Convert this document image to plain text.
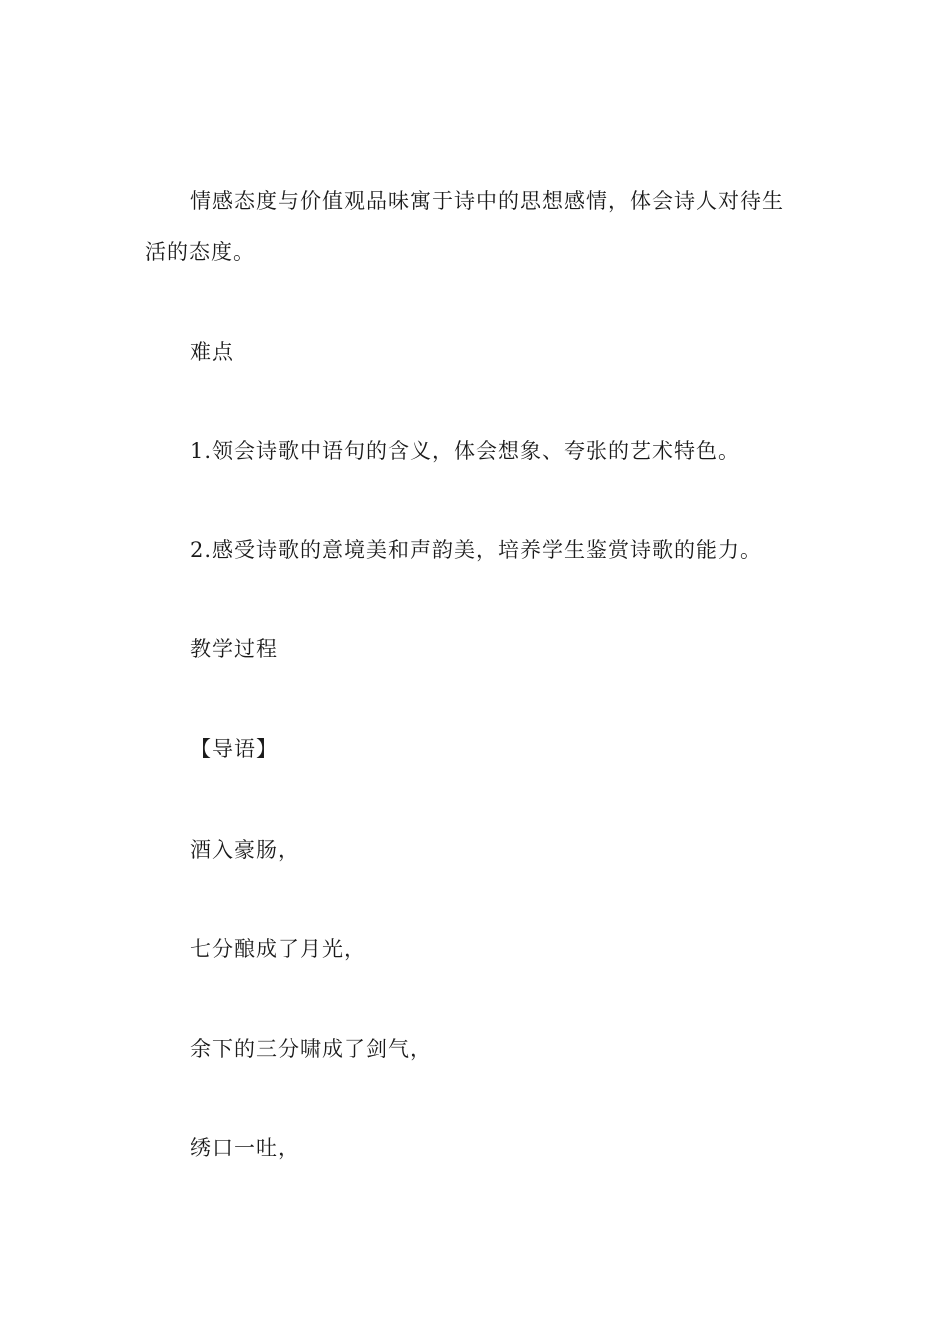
情感态度与价值观品味寓于诗中的思想感情，体会诗人对待生
活的态度。
难点
1.领会诗歌中语句的含义，体会想象、夸张的艺术特色。
2.感受诗歌的意境美和声韵美，培养学生鉴赏诗歌的能力。
教学过程
【导语】
酒入豪肠，
七分酿成了月光，
余下的三分啸成了剑气，
绣口一吐，
